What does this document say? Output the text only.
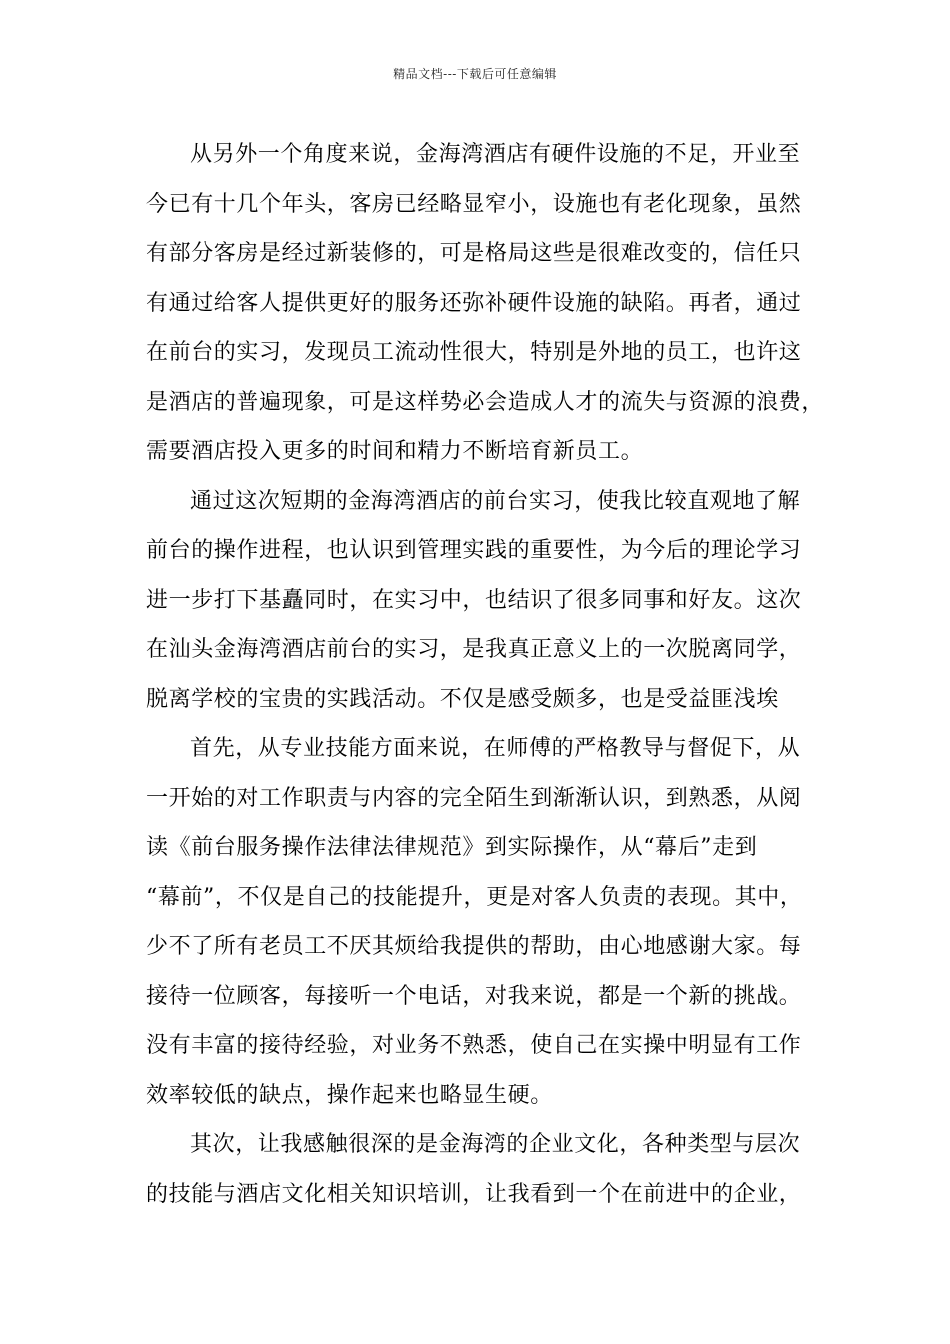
精品文档---下载后可任意编辑
从另外一个角度来说，金海湾酒店有硬件设施的不足，开业至
今已有十几个年头，客房已经略显窄小，设施也有老化现象，虽然
有部分客房是经过新装修的，可是格局这些是很难改变的，信任只
有通过给客人提供更好的服务还弥补硬件设施的缺陷。再者，通过
在前台的实习，发现员工流动性很大，特别是外地的员工，也许这
是酒店的普遍现象，可是这样势必会造成人才的流失与资源的浪费，
需要酒店投入更多的时间和精力不断培育新员工。
通过这次短期的金海湾酒店的前台实习，使我比较直观地了解
前台的操作进程，也认识到管理实践的重要性，为今后的理论学习
进一步打下基矗同时，在实习中，也结识了很多同事和好友。这次
在汕头金海湾酒店前台的实习，是我真正意义上的一次脱离同学，
脱离学校的宝贵的实践活动。不仅是感受颇多，也是受益匪浅埃
首先，从专业技能方面来说，在师傅的严格教导与督促下，从
一开始的对工作职责与内容的完全陌生到渐渐认识，到熟悉，从阅
读《前台服务操作法律法律规范》到实际操作，从“幕后”走到
“幕前”，不仅是自己的技能提升，更是对客人负责的表现。其中，
少不了所有老员工不厌其烦给我提供的帮助，由心地感谢大家。每
接待一位顾客，每接听一个电话，对我来说，都是一个新的挑战。
没有丰富的接待经验，对业务不熟悉，使自己在实操中明显有工作
效率较低的缺点，操作起来也略显生硬。
其次，让我感触很深的是金海湾的企业文化，各种类型与层次
的技能与酒店文化相关知识培训，让我看到一个在前进中的企业，
